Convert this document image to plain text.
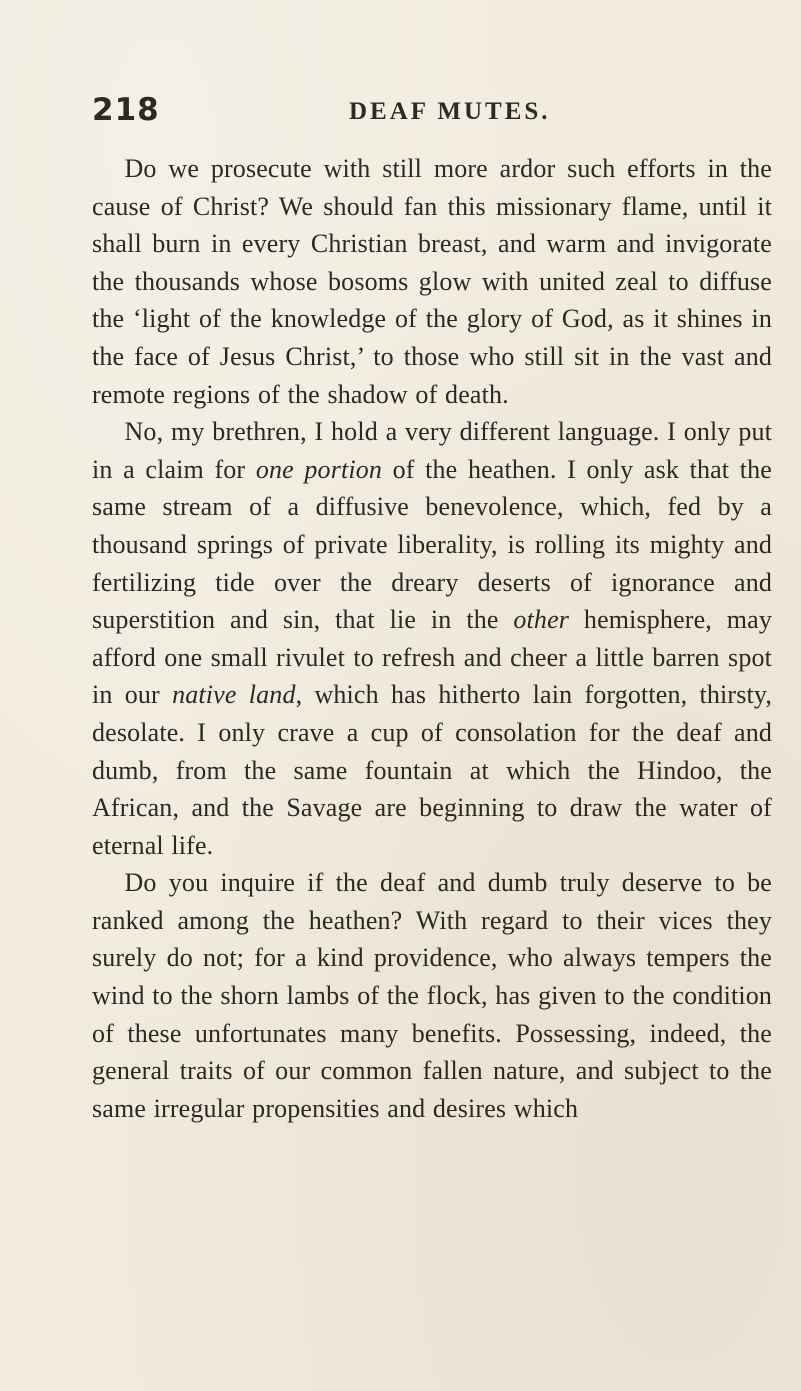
218	DEAF MUTES.

Do we prosecute with still more ardor such efforts in the cause of Christ? We should fan this missionary flame, until it shall burn in every Christian breast, and warm and invigorate the thousands whose bosoms glow with united zeal to diffuse the ‘light of the knowledge of the glory of God, as it shines in the face of Jesus Christ,’ to those who still sit in the vast and remote regions of the shadow of death.

No, my brethren, I hold a very different language. I only put in a claim for one portion of the heathen. I only ask that the same stream of a diffusive benevolence, which, fed by a thousand springs of private liberality, is rolling its mighty and fertilizing tide over the dreary deserts of ignorance and superstition and sin, that lie in the other hemisphere, may afford one small rivulet to refresh and cheer a little barren spot in our native land, which has hitherto lain forgotten, thirsty, desolate. I only crave a cup of consolation for the deaf and dumb, from the same fountain at which the Hindoo, the African, and the Savage are beginning to draw the water of eternal life.

Do you inquire if the deaf and dumb truly deserve to be ranked among the heathen? With regard to their vices they surely do not; for a kind providence, who always tempers the wind to the shorn lambs of the flock, has given to the condition of these unfortunates many benefits. Possessing, indeed, the general traits of our common fallen nature, and subject to the same irregular propensities and desires which
